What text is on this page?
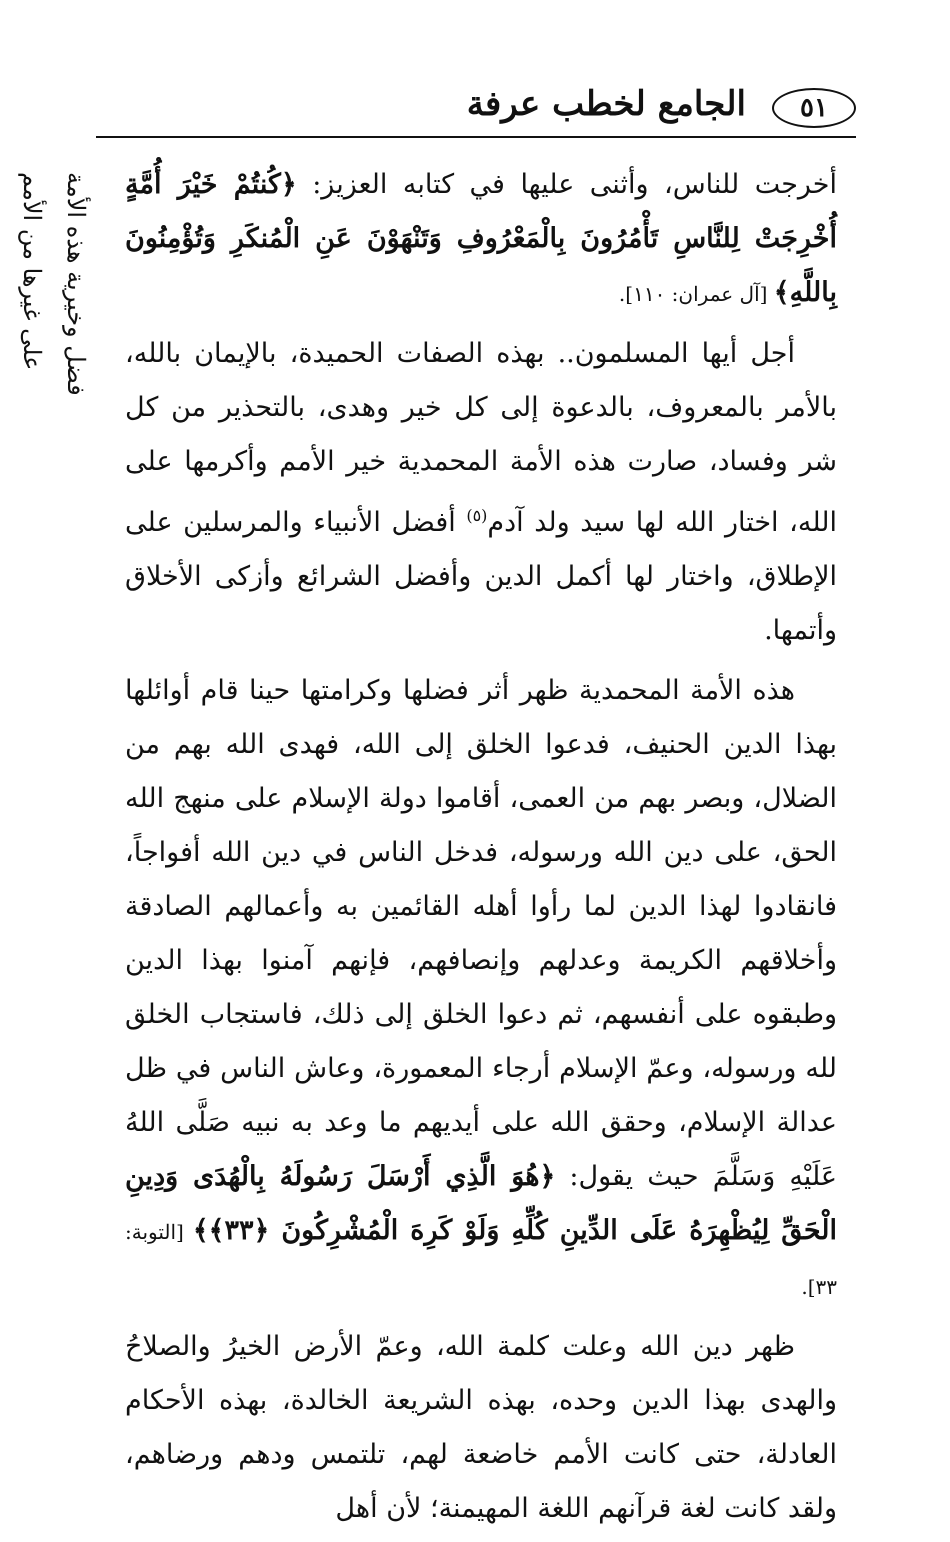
٥١
الجامع لخطب عرفة
فضل وخيرية هذه الأمة
على غيرها من الأمم	أخرجت للناس، وأثنى عليها في كتابه العزيز: ﴿كُنتُمْ خَيْرَ أُمَّةٍ أُخْرِجَتْ لِلنَّاسِ تَأْمُرُونَ بِالْمَعْرُوفِ وَتَنْهَوْنَ عَنِ الْمُنكَرِ وَتُؤْمِنُونَ بِاللَّهِ﴾ [آل عمران: ١١٠].

أجل أيها المسلمون.. بهذه الصفات الحميدة، بالإيمان بالله، بالأمر بالمعروف، بالدعوة إلى كل خير وهدى، بالتحذير من كل شر وفساد، صارت هذه الأمة المحمدية خير الأمم وأكرمها على الله، اختار الله لها سيد ولد آدم$^{(٥)}$ أفضل الأنبياء والمرسلين على الإطلاق، واختار لها أكمل الدين وأفضل الشرائع وأزكى الأخلاق وأتمها.

هذه الأمة المحمدية ظهر أثر فضلها وكرامتها حينا قام أوائلها بهذا الدين الحنيف، فدعوا الخلق إلى الله، فهدى الله بهم من الضلال، وبصر بهم من العمى، أقاموا دولة الإسلام على منهج الله الحق، على دين الله ورسوله، فدخل الناس في دين الله أفواجاً، فانقادوا لهذا الدين لما رأوا أهله القائمين به وأعمالهم الصادقة وأخلاقهم الكريمة وعدلهم وإنصافهم، فإنهم آمنوا بهذا الدين وطبقوه على أنفسهم، ثم دعوا الخلق إلى ذلك، فاستجاب الخلق لله ورسوله، وعمّ الإسلام أرجاء المعمورة، وعاش الناس في ظل عدالة الإسلام، وحقق الله على أيديهم ما وعد به نبيه صَلَّى اللهُ عَلَيْهِ وَسَلَّمَ حيث يقول: ﴿هُوَ الَّذِي أَرْسَلَ رَسُولَهُ بِالْهُدَى وَدِينِ الْحَقِّ لِيُظْهِرَهُ عَلَى الدِّينِ كُلِّهِ وَلَوْ كَرِهَ الْمُشْرِكُونَ ﴿٣٣﴾﴾ [التوبة: ٣٣].

ظهر دين الله وعلت كلمة الله، وعمّ الأرض الخيرُ والصلاحُ والهدى بهذا الدين وحده، بهذه الشريعة الخالدة، بهذه الأحكام العادلة، حتى كانت الأمم خاضعة لهم، تلتمس ودهم ورضاهم، ولقد كانت لغة قرآنهم اللغة المهيمنة؛ لأن أهل
